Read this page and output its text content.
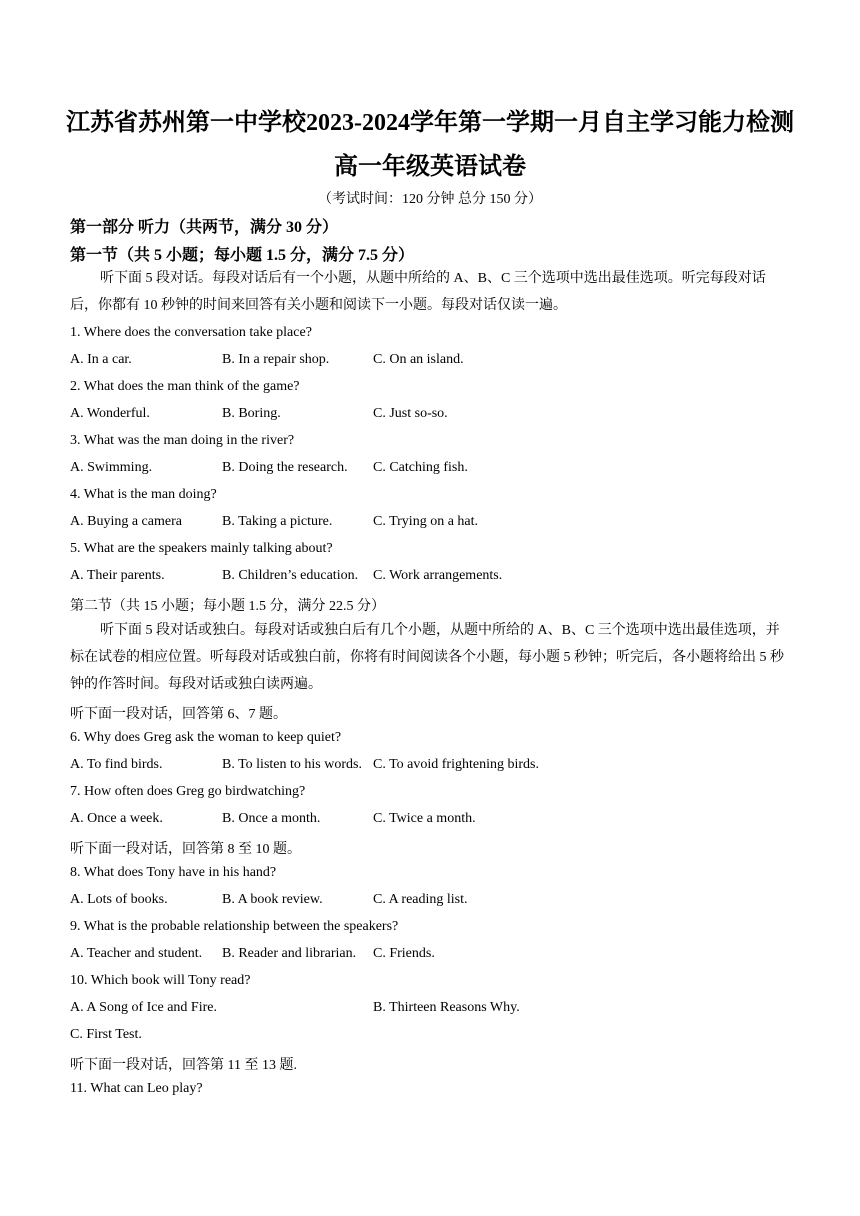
江苏省苏州第一中学校2023-2024学年第一学期一月自主学习能力检测
高一年级英语试卷
（考试时间：120 分钟 总分 150 分）
第一部分 听力（共两节，满分 30 分）
第一节（共 5 小题；每小题 1.5 分，满分 7.5 分）
听下面 5 段对话。每段对话后有一个小题，从题中所给的 A、B、C 三个选项中选出最佳选项。听完每段对话后，你都有 10 秒钟的时间来回答有关小题和阅读下一小题。每段对话仅读一遍。
1. Where does the conversation take place?
A. In a car.	B. In a repair shop.	C. On an island.
2. What does the man think of the game?
A. Wonderful.	B. Boring.	C. Just so-so.
3. What was the man doing in the river?
A. Swimming.	B. Doing the research. C. Catching fish.
4. What is the man doing?
A. Buying a camera	B. Taking a picture.	C. Trying on a hat.
5. What are the speakers mainly talking about?
A. Their parents.	B. Children’s education. C. Work arrangements.
第二节（共 15 小题；每小题 1.5 分，满分 22.5 分）
听下面 5 段对话或独白。每段对话或独白后有几个小题，从题中所给的 A、B、C 三个选项中选出最佳选项，并标在试卷的相应位置。听每段对话或独白前，你将有时间阅读各个小题，每小题 5 秒钟；听完后，各小题将给出 5 秒钟的作答时间。每段对话或独白读两遍。
听下面一段对话，回答第 6、7 题。
6. Why does Greg ask the woman to keep quiet?
A. To find birds.	B. To listen to his words. C. To avoid frightening birds.
7. How often does Greg go birdwatching?
A. Once a week.	B. Once a month.	C. Twice a month.
听下面一段对话，回答第 8 至 10 题。
8. What does Tony have in his hand?
A. Lots of books.	B. A book review.	C. A reading list.
9. What is the probable relationship between the speakers?
A. Teacher and student. B. Reader and librarian. C. Friends.
10. Which book will Tony read?
A. A Song of Ice and Fire.	B. Thirteen Reasons Why.
C. First Test.
听下面一段对话，回答第 11 至 13 题.
11. What can Leo play?
